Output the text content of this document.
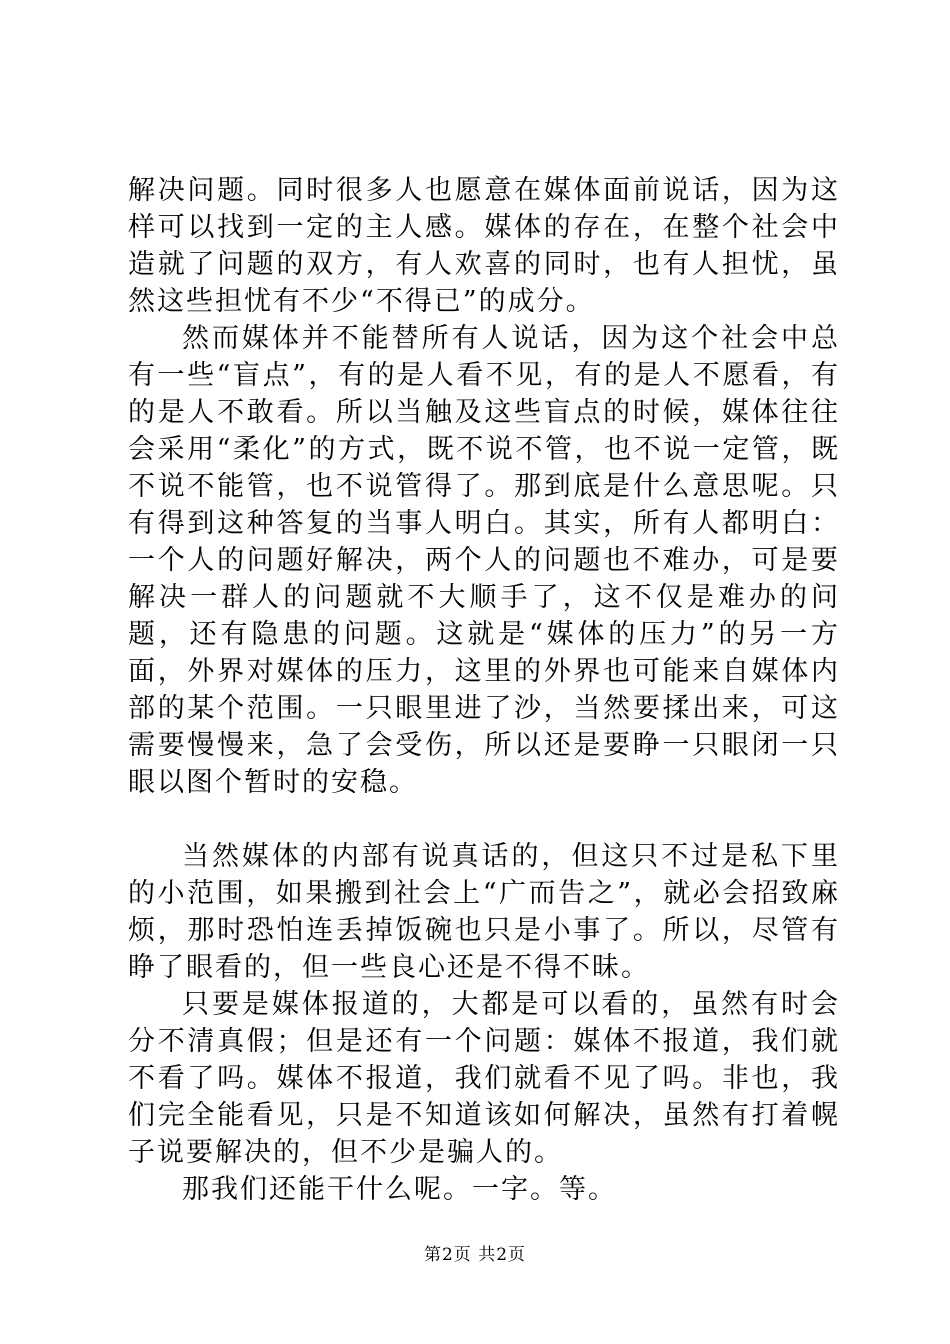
解决问题。同时很多人也愿意在媒体面前说话，因为这样可以找到一定的主人感。媒体的存在，在整个社会中造就了问题的双方，有人欢喜的同时，也有人担忧，虽然这些担忧有不少“不得已”的成分。

然而媒体并不能替所有人说话，因为这个社会中总有一些“盲点”，有的是人看不见，有的是人不愿看，有的是人不敢看。所以当触及这些盲点的时候，媒体往往会采用“柔化”的方式，既不说不管，也不说一定管，既不说不能管，也不说管得了。那到底是什么意思呢。只有得到这种答复的当事人明白。其实，所有人都明白：一个人的问题好解决，两个人的问题也不难办，可是要解决一群人的问题就不大顺手了，这不仅是难办的问题，还有隐患的问题。这就是“媒体的压力”的另一方面，外界对媒体的压力，这里的外界也可能来自媒体内部的某个范围。一只眼里进了沙，当然要揉出来，可这需要慢慢来，急了会受伤，所以还是要睁一只眼闭一只眼以图个暂时的安稳。

当然媒体的内部有说真话的，但这只不过是私下里的小范围，如果搬到社会上“广而告之”，就必会招致麻烦，那时恐怕连丢掉饭碗也只是小事了。所以，尽管有睁了眼看的，但一些良心还是不得不昧。

只要是媒体报道的，大都是可以看的，虽然有时会分不清真假；但是还有一个问题：媒体不报道，我们就不看了吗。媒体不报道，我们就看不见了吗。非也，我们完全能看见，只是不知道该如何解决，虽然有打着幌子说要解决的，但不少是骗人的。

那我们还能干什么呢。一字。等。

第2页 共2页
